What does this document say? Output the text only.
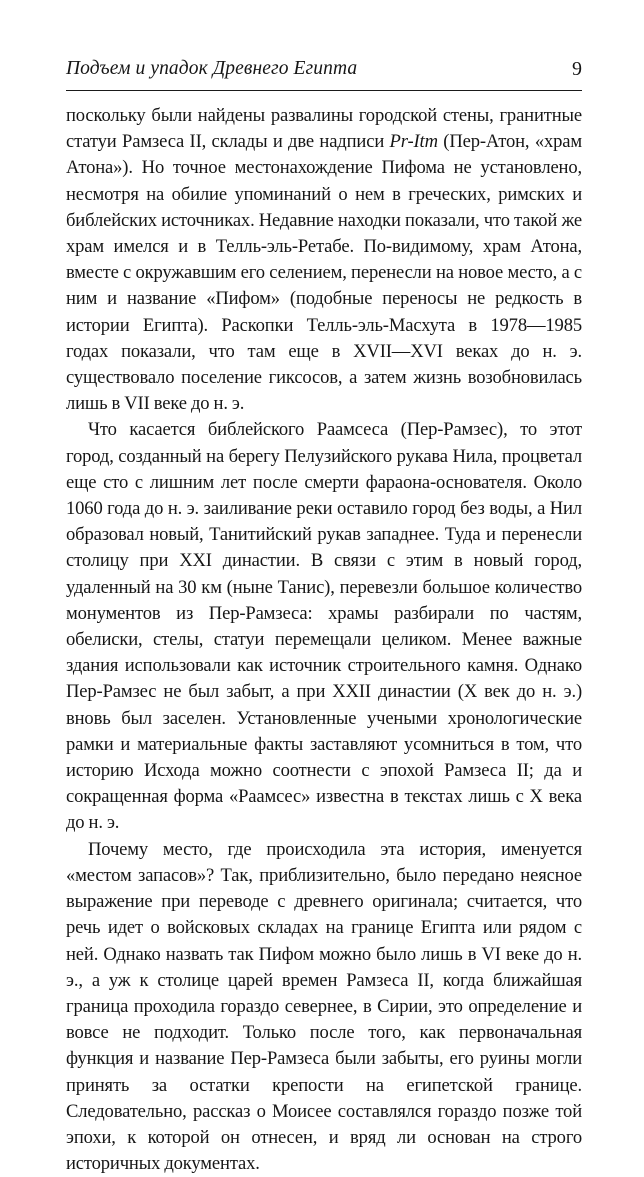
Подъем и упадок Древнего Египта	9

поскольку были найдены развалины городской стены, гранитные статуи Рамзеса II, склады и две надписи Pr-Itm (Пер-Атон, «храм Атона»). Но точное местонахождение Пифома не установлено, несмотря на обилие упоминаний о нем в греческих, римских и библейских источниках. Недавние находки показали, что такой же храм имелся и в Телль-эль-Ретабе. По-видимому, храм Атона, вместе с окружавшим его селением, перенесли на новое место, а с ним и название «Пифом» (подобные переносы не редкость в истории Египта). Раскопки Телль-эль-Масхута в 1978—1985 годах показали, что там еще в XVII—XVI веках до н. э. существовало поселение гиксосов, а затем жизнь возобновилась лишь в VII веке до н. э.

Что касается библейского Раамсеса (Пер-Рамзес), то этот город, созданный на берегу Пелузийского рукава Нила, процветал еще сто с лишним лет после смерти фараона-основателя. Около 1060 года до н. э. заиливание реки оставило город без воды, а Нил образовал новый, Танитийский рукав западнее. Туда и перенесли столицу при XXI династии. В связи с этим в новый город, удаленный на 30 км (ныне Танис), перевезли большое количество монументов из Пер-Рамзеса: храмы разбирали по частям, обелиски, стелы, статуи перемещали целиком. Менее важные здания использовали как источник строительного камня. Однако Пер-Рамзес не был забыт, а при XXII династии (X век до н. э.) вновь был заселен. Установленные учеными хронологические рамки и материальные факты заставляют усомниться в том, что историю Исхода можно соотнести с эпохой Рамзеса II; да и сокращенная форма «Раамсес» известна в текстах лишь с X века до н. э.

Почему место, где происходила эта история, именуется «местом запасов»? Так, приблизительно, было передано неясное выражение при переводе с древнего оригинала; считается, что речь идет о войсковых складах на границе Египта или рядом с ней. Однако назвать так Пифом можно было лишь в VI веке до н. э., а уж к столице царей времен Рамзеса II, когда ближайшая граница проходила гораздо севернее, в Сирии, это определение и вовсе не подходит. Только после того, как первоначальная функция и название Пер-Рамзеса были забыты, его руины могли принять за остатки крепости на египетской границе. Следовательно, рассказ о Моисее составлялся гораздо позже той эпохи, к которой он отнесен, и вряд ли основан на строго историчных документах.
